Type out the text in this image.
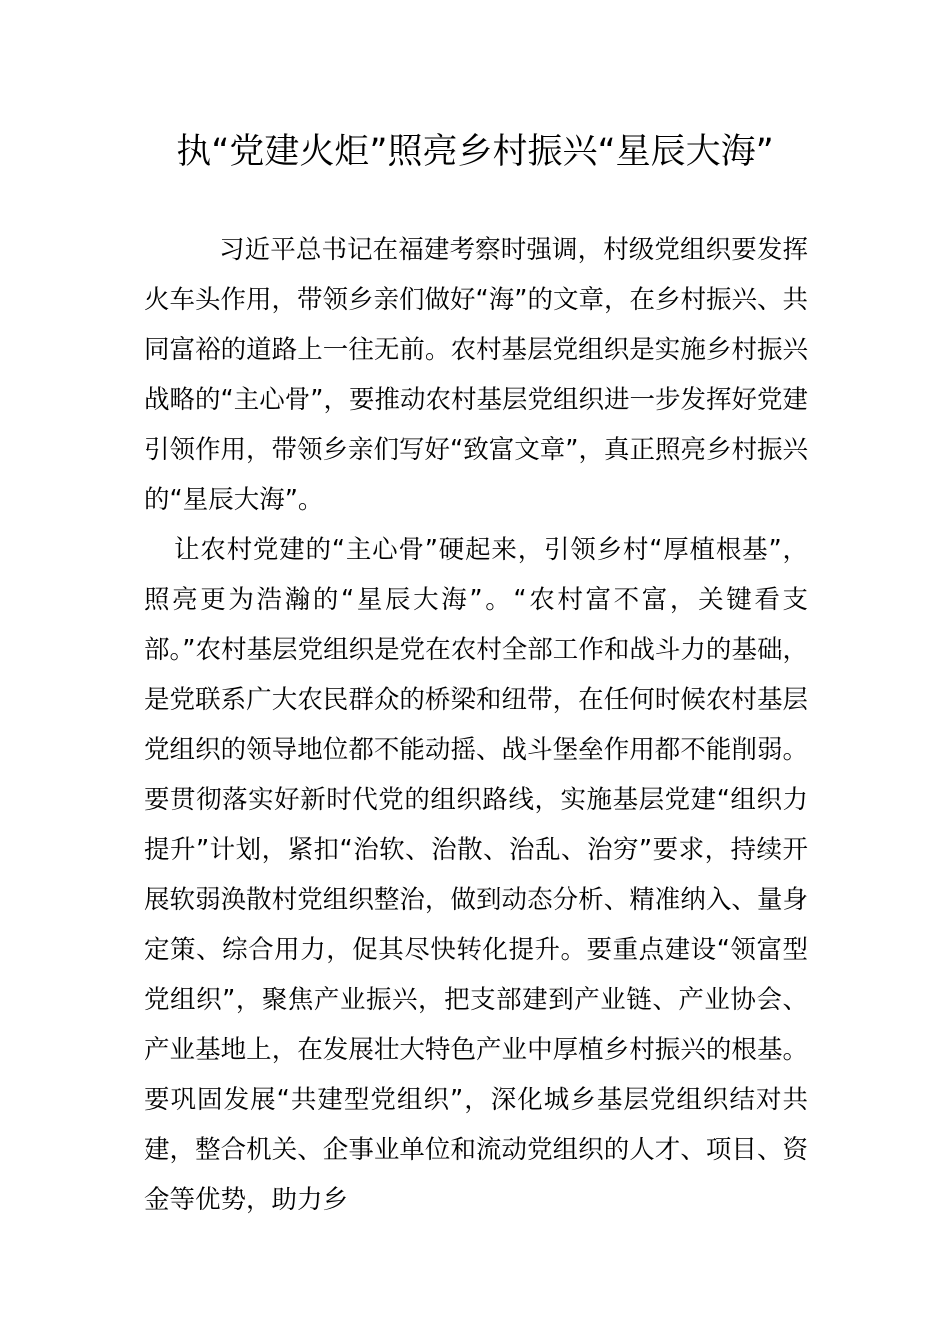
执“党建火炬”照亮乡村振兴“星辰大海”

习近平总书记在福建考察时强调，村级党组织要发挥火车头作用，带领乡亲们做好“海”的文章，在乡村振兴、共同富裕的道路上一往无前。农村基层党组织是实施乡村振兴战略的“主心骨”，要推动农村基层党组织进一步发挥好党建引领作用，带领乡亲们写好“致富文章”，真正照亮乡村振兴的“星辰大海”。

让农村党建的“主心骨”硬起来，引领乡村“厚植根基”，照亮更为浩瀚的“星辰大海”。“农村富不富，关键看支部。”农村基层党组织是党在农村全部工作和战斗力的基础，是党联系广大农民群众的桥梁和纽带，在任何时候农村基层党组织的领导地位都不能动摇、战斗堡垒作用都不能削弱。要贯彻落实好新时代党的组织路线，实施基层党建“组织力提升”计划，紧扣“治软、治散、治乱、治穷”要求，持续开展软弱涣散村党组织整治，做到动态分析、精准纳入、量身定策、综合用力，促其尽快转化提升。要重点建设“领富型党组织”，聚焦产业振兴，把支部建到产业链、产业协会、产业基地上，在发展壮大特色产业中厚植乡村振兴的根基。要巩固发展“共建型党组织”，深化城乡基层党组织结对共建，整合机关、企事业单位和流动党组织的人才、项目、资金等优势，助力乡
